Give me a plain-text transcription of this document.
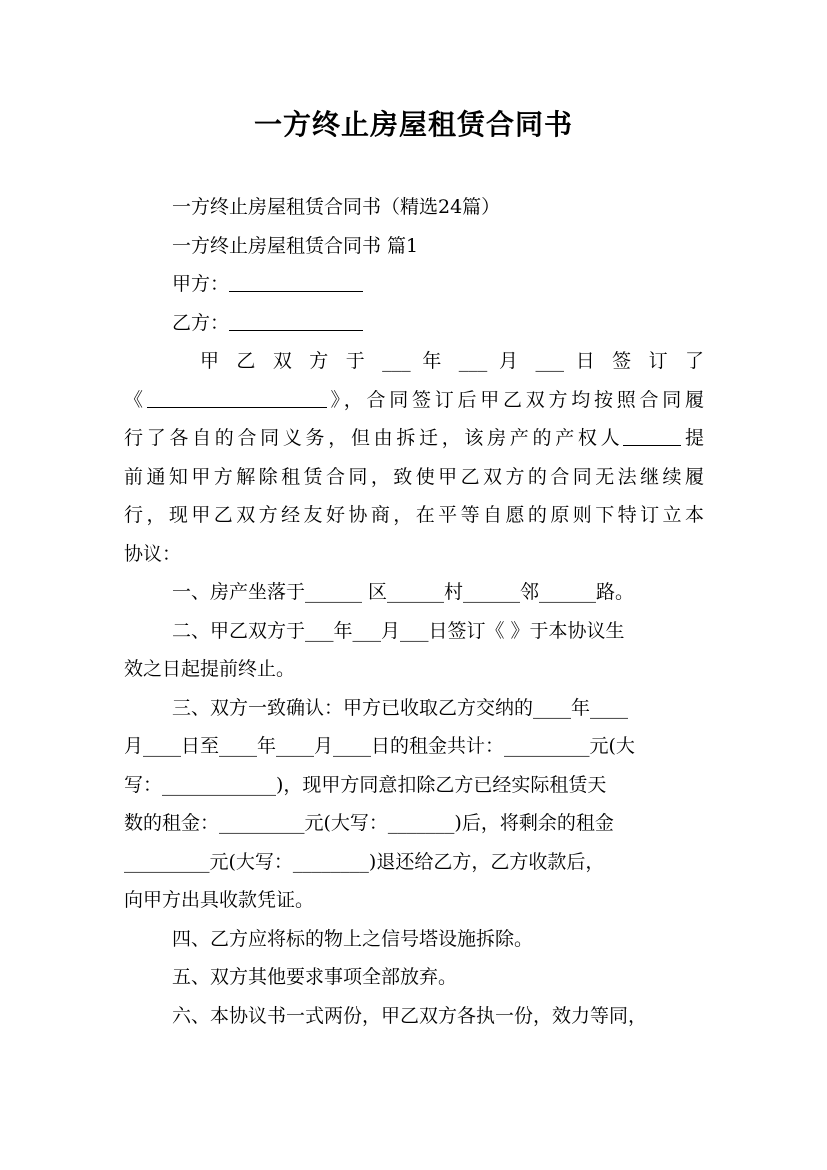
一方终止房屋租赁合同书

一方终止房屋租赁合同书（精选24篇）

一方终止房屋租赁合同书 篇1

甲方：

乙方：

甲 乙 双 方 于 ___ 年 ___ 月 ___ 日 签 订 了

《	》，合同签订后甲乙双方均按照合同履

行了各自的合同义务，但由拆迁，该房产的产权人	提

前通知甲方解除租赁合同，致使甲乙双方的合同无法继续履

行，现甲乙双方经友好协商，在平等自愿的原则下特订立本

协议：

一、房产坐落于______ 区______村______邻______路。

二、甲乙双方于___年___月___日签订《 》于本协议生

效之日起提前终止。

三、双方一致确认：甲方已收取乙方交纳的____年____

月____日至____年____月____日的租金共计：_________元(大

写：____________)，现甲方同意扣除乙方已经实际租赁天

数的租金：_________元(大写：_______)后，将剩余的租金

_________元(大写：________)退还给乙方，乙方收款后，

向甲方出具收款凭证。

四、乙方应将标的物上之信号塔设施拆除。

五、双方其他要求事项全部放弃。

六、本协议书一式两份，甲乙双方各执一份，效力等同，
